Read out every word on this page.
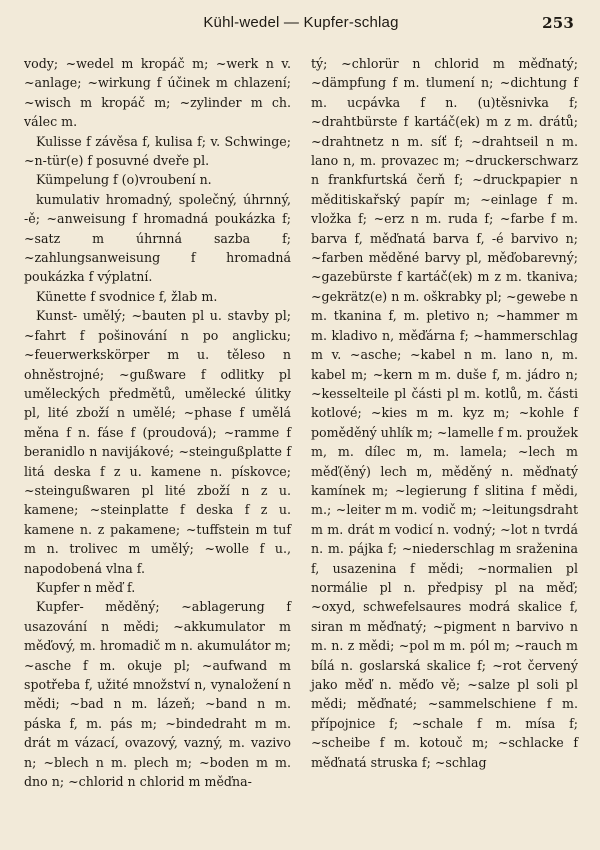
Kühl-wedel — Kupfer-schlag	253

vody; ~wedel m kropáč m; ~werk n v. ~anlage; ~wirkung f účinek m chlazení; ~wisch m kropáč m; ~zylinder m ch. válec m.

Kulisse f závěsa f, kulisa f; v. Schwinge; ~n-tür(e) f posuvné dveře pl.

Kümpelung f (o)vroubení n.

kumulativ hromadný, společný, úhrnný, -ě; ~anweisung f hromadná poukázka f; ~satz m úhrnná sazba f; ~zahlungsanweisung f hromadná poukázka f výplatní.

Künette f svodnice f, žlab m.

Kunst- umělý; ~bauten pl u. stavby pl; ~fahrt f pošinování n po anglicku; ~feuerwerkskörper m u. těleso n ohněstrojné; ~gußware f odlitky pl uměleckých předmětů, umělecké úlitky pl, lité zboží n umělé; ~phase f umělá měna f n. fáse f (proudová); ~ramme f beranidlo n navijákové; ~steingußplatte f litá deska f z u. kamene n. pískovce; ~steingußwaren pl lité zboží n z u. kamene; ~steinplatte f deska f z u. kamene n. z pakamene; ~tuffstein m tuf m n. trolivec m umělý; ~wolle f u., napodobená vlna f.

Kupfer n měď f.

Kupfer- měděný; ~ablagerung f usazování n mědi; ~akkumulator m měďový, m. hromadič m n. akumulátor m; ~asche f m. okuje pl; ~aufwand m spotřeba f, užité množství n, vynaložení n mědi; ~bad n m. lázeň; ~band n m. páska f, m. pás m; ~bindedraht m m. drát m vázací, ovazový, vazný, m. vazivo n; ~blech n m. plech m; ~boden m m. dno n; ~chlorid n chlorid m měďna-

tý; ~chlorür n chlorid m měďnatý; ~dämpfung f m. tlumení n; ~dichtung f m. ucpávka f n. (u)těsnivka f; ~drahtbürste f kartáč(ek) m z m. drátů; ~drahtnetz n m. síť f; ~drahtseil n m. lano n, m. provazec m; ~druckerschwarz n frankfurtská čerň f; ~druckpapier n měditiskařský papír m; ~einlage f m. vložka f; ~erz n m. ruda f; ~farbe f m. barva f, měďnatá barva f, -é barvivo n; ~farben měděné barvy pl, měďobarevný; ~gazebürste f kartáč(ek) m z m. tkaniva; ~gekrätz(e) n m. oškrabky pl; ~gewebe n m. tkanina f, m. pletivo n; ~hammer m m. kladivo n, měďárna f; ~hammerschlag m v. ~asche; ~kabel n m. lano n, m. kabel m; ~kern m m. duše f, m. jádro n; ~kesselteile pl části pl m. kotlů, m. části kotlové; ~kies m m. kyz m; ~kohle f poměděný uhlík m; ~lamelle f m. proužek m, m. dílec m, m. lamela; ~lech m měď(ěný) lech m, měděný n. měďnatý kamínek m; ~legierung f slitina f mědi, m.; ~leiter m m. vodič m; ~leitungsdraht m m. drát m vodicí n. vodný; ~lot n tvrdá n. m. pájka f; ~niederschlag m sraženina f, usazenina f mědi; ~normalien pl normálie pl n. předpisy pl na měď; ~oxyd, schwefelsaures modrá skalice f, siran m měďnatý; ~pigment n barvivo n m. n. z mědi; ~pol m m. pól m; ~rauch m bílá n. goslarská skalice f; ~rot červený jako měď n. měďo vě; ~salze pl soli pl mědi; měďnaté; ~sammelschiene f m. přípojnice f; ~schale f m. mísa f; ~scheibe f m. kotouč m; ~schlacke f měďnatá struska f; ~schlag
